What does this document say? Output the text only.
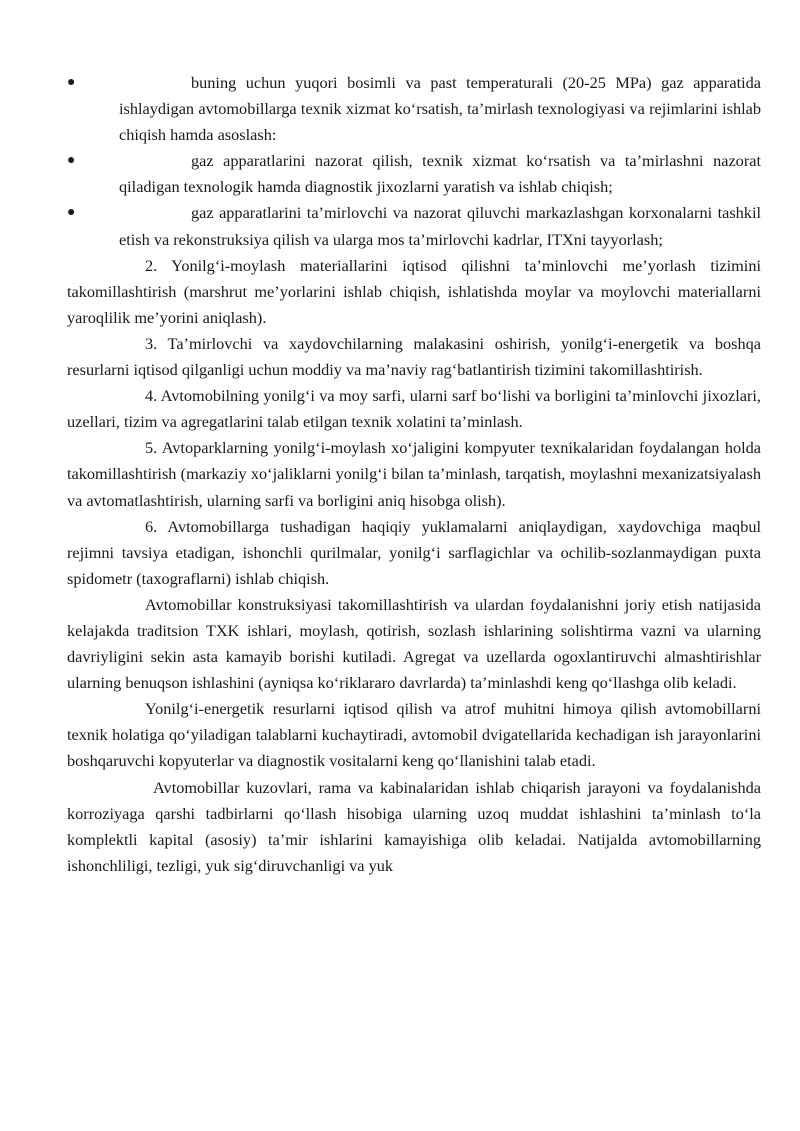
●	buning uchun yuqori bosimli va past temperaturali (20-25 MPa) gaz apparatida ishlaydigan avtomobillarga texnik xizmat ko‘rsatish, ta’mirlash texnologiyasi va rejimlarini ishlab chiqish hamda asoslash:
●	gaz apparatlarini nazorat qilish, texnik xizmat ko‘rsatish va ta’mirlashni nazorat qiladigan texnologik hamda diagnostik jixozlarni yaratish va ishlab chiqish;
●	gaz apparatlarini ta’mirlovchi va nazorat qiluvchi markazlashgan korxonalarni tashkil etish va rekonstruksiya qilish va ularga mos ta’mirlovchi kadrlar, ITXni tayyorlash;

2. Yonilg‘i-moylash materiallarini iqtisod qilishni ta’minlovchi me’yorlash tizimini takomillashtirish (marshrut me’yorlarini ishlab chiqish, ishlatishda moylar va moylovchi materiallarni yaroqlilik me’yorini aniqlash).

3. Ta’mirlovchi va xaydovchilarning malakasini oshirish, yonilg‘i-energetik va boshqa resurlarni iqtisod qilganligi uchun moddiy va ma’naviy rag‘batlantirish tizimini takomillashtirish.

4. Avtomobilning yonilg‘i va moy sarfi, ularni sarf bo‘lishi va borligini ta’minlovchi jixozlari, uzellari, tizim va agregatlarini talab etilgan texnik xolatini ta’minlash.

5. Avtoparklarning yonilg‘i-moylash xo‘jaligini kompyuter texnikalaridan foydalangan holda takomillashtirish (markaziy xo‘jaliklarni yonilg‘i bilan ta’minlash, tarqatish, moylashni mexanizatsiyalash va avtomatlashtirish, ularning sarfi va borligini aniq hisobga olish).

6. Avtomobillarga tushadigan haqiqiy yuklamalarni aniqlaydigan, xaydovchiga maqbul rejimni tavsiya etadigan, ishonchli qurilmalar, yonilg‘i sarflagichlar va ochilib-sozlanmaydigan puxta spidometr (taxograflarni) ishlab chiqish.

Avtomobillar konstruksiyasi takomillashtirish va ulardan foydalanishni joriy etish natijasida kelajakda traditsion TXK ishlari, moylash, qotirish, sozlash ishlarining solishtirma vazni va ularning davriyligini sekin asta kamayib borishi kutiladi. Agregat va uzellarda ogoxlantiruvchi almashtirishlar ularning benuqson ishlashini (ayniqsa ko‘riklararo davrlarda) ta’minlashdi keng qo‘llashga olib keladi.

Yonilg‘i-energetik resurlarni iqtisod qilish va atrof muhitni himoya qilish avtomobillarni texnik holatiga qo‘yiladigan talablarni kuchaytiradi, avtomobil dvigatellarida kechadigan ish jarayonlarini boshqaruvchi kopyuterlar va diagnostik vositalarni keng qo‘llanishini talab etadi.

Avtomobillar kuzovlari, rama va kabinalaridan ishlab chiqarish jarayoni va foydalanishda korroziyaga qarshi tadbirlarni qo‘llash hisobiga ularning uzoq muddat ishlashini ta’minlash to‘la komplektli kapital (asosiy) ta’mir ishlarini kamayishiga olib keladai. Natijalda avtomobillarning ishonchliligi, tezligi, yuk sig‘diruvchanligi va yuk
